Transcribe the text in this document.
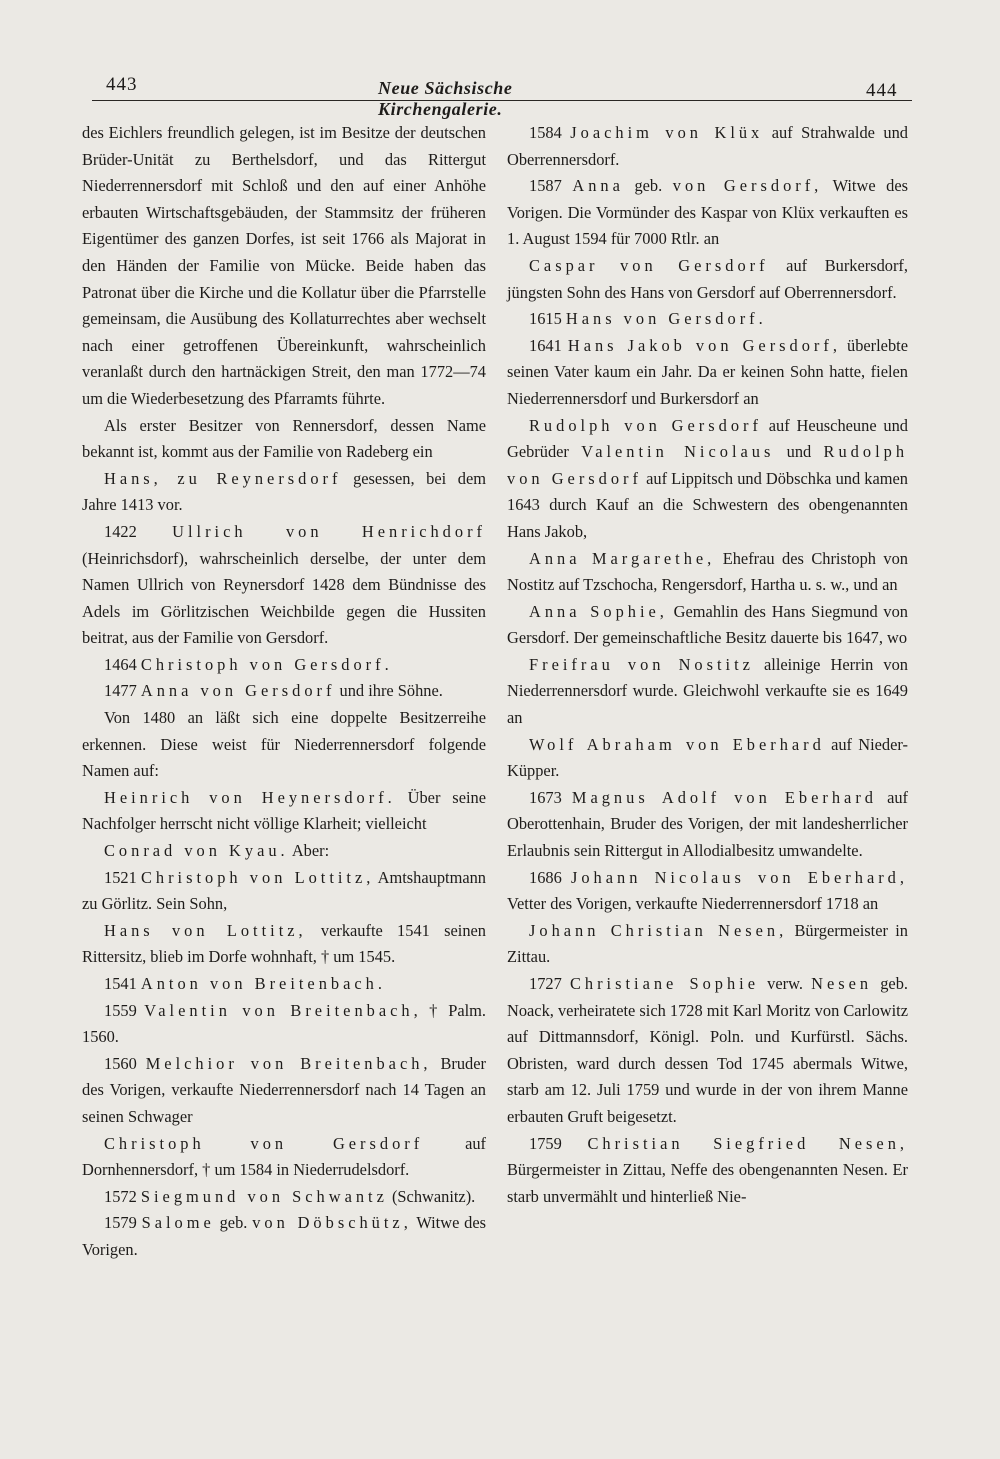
443	Neue Sächsische Kirchengalerie.
444

des Eichlers freundlich gelegen, ist im Besitze der deutschen Brüder-Unität zu Berthelsdorf, und das Rittergut Niederrennersdorf mit Schloß und den auf einer Anhöhe erbauten Wirtschaftsgebäuden, der Stammsitz der früheren Eigentümer des ganzen Dorfes, ist seit 1766 als Majorat in den Händen der Familie von Mücke. Beide haben das Patronat über die Kirche und die Kollatur über die Pfarrstelle gemeinsam, die Ausübung des Kollaturrechtes aber wechselt nach einer getroffenen Übereinkunft, wahrscheinlich veranlaßt durch den hartnäckigen Streit, den man 1772—74 um die Wiederbesetzung des Pfarramts führte.

Als erster Besitzer von Rennersdorf, dessen Name bekannt ist, kommt aus der Familie von Radeberg ein

Hans, zu Reynersdorf gesessen, bei dem Jahre 1413 vor.

1422 Ullrich von Henrichdorf (Heinrichsdorf), wahrscheinlich derselbe, der unter dem Namen Ullrich von Reynersdorf 1428 dem Bündnisse des Adels im Görlitzischen Weichbilde gegen die Hussiten beitrat, aus der Familie von Gersdorf.

1464 Christoph von Gersdorf.

1477 Anna von Gersdorf und ihre Söhne.

Von 1480 an läßt sich eine doppelte Besitzerreihe erkennen. Diese weist für Niederrennersdorf folgende Namen auf:

Heinrich von Heynersdorf. Über seine Nachfolger herrscht nicht völlige Klarheit; vielleicht

Conrad von Kyau. Aber:

1521 Christoph von Lottitz, Amtshauptmann zu Görlitz. Sein Sohn,

Hans von Lottitz, verkaufte 1541 seinen Rittersitz, blieb im Dorfe wohnhaft, † um 1545.

1541 Anton von Breitenbach.

1559 Valentin von Breitenbach, † Palm. 1560.

1560 Melchior von Breitenbach, Bruder des Vorigen, verkaufte Niederrennersdorf nach 14 Tagen an seinen Schwager

Christoph von Gersdorf auf Dornhennersdorf, † um 1584 in Niederrudelsdorf.

1572 Siegmund von Schwantz (Schwanitz).

1579 Salome geb. von Döbschütz, Witwe des Vorigen.

1584 Joachim von Klüx auf Strahwalde und Oberrennersdorf.

1587 Anna geb. von Gersdorf, Witwe des Vorigen. Die Vormünder des Kaspar von Klüx verkauften es 1. August 1594 für 7000 Rtlr. an

Caspar von Gersdorf auf Burkersdorf, jüngsten Sohn des Hans von Gersdorf auf Oberrennersdorf.

1615 Hans von Gersdorf.

1641 Hans Jakob von Gersdorf, überlebte seinen Vater kaum ein Jahr. Da er keinen Sohn hatte, fielen Niederrennersdorf und Burkersdorf an

Rudolph von Gersdorf auf Heuscheune und Gebrüder Valentin Nicolaus und Rudolph von Gersdorf auf Lippitsch und Döbschka und kamen 1643 durch Kauf an die Schwestern des obengenannten Hans Jakob,

Anna Margarethe, Ehefrau des Christoph von Nostitz auf Tzschocha, Rengersdorf, Hartha u. s. w., und an

Anna Sophie, Gemahlin des Hans Siegmund von Gersdorf. Der gemeinschaftliche Besitz dauerte bis 1647, wo

Freifrau von Nostitz alleinige Herrin von Niederrennersdorf wurde. Gleichwohl verkaufte sie es 1649 an

Wolf Abraham von Eberhard auf Nieder-Küpper.

1673 Magnus Adolf von Eberhard auf Oberottenhain, Bruder des Vorigen, der mit landesherrlicher Erlaubnis sein Rittergut in Allodialbesitz umwandelte.

1686 Johann Nicolaus von Eberhard, Vetter des Vorigen, verkaufte Niederrennersdorf 1718 an

Johann Christian Nesen, Bürgermeister in Zittau.

1727 Christiane Sophie verw. Nesen geb. Noack, verheiratete sich 1728 mit Karl Moritz von Carlowitz auf Dittmannsdorf, Königl. Poln. und Kurfürstl. Sächs. Obristen, ward durch dessen Tod 1745 abermals Witwe, starb am 12. Juli 1759 und wurde in der von ihrem Manne erbauten Gruft beigesetzt.

1759 Christian Siegfried Nesen, Bürgermeister in Zittau, Neffe des obengenannten Nesen. Er starb unvermählt und hinterließ Nie-
